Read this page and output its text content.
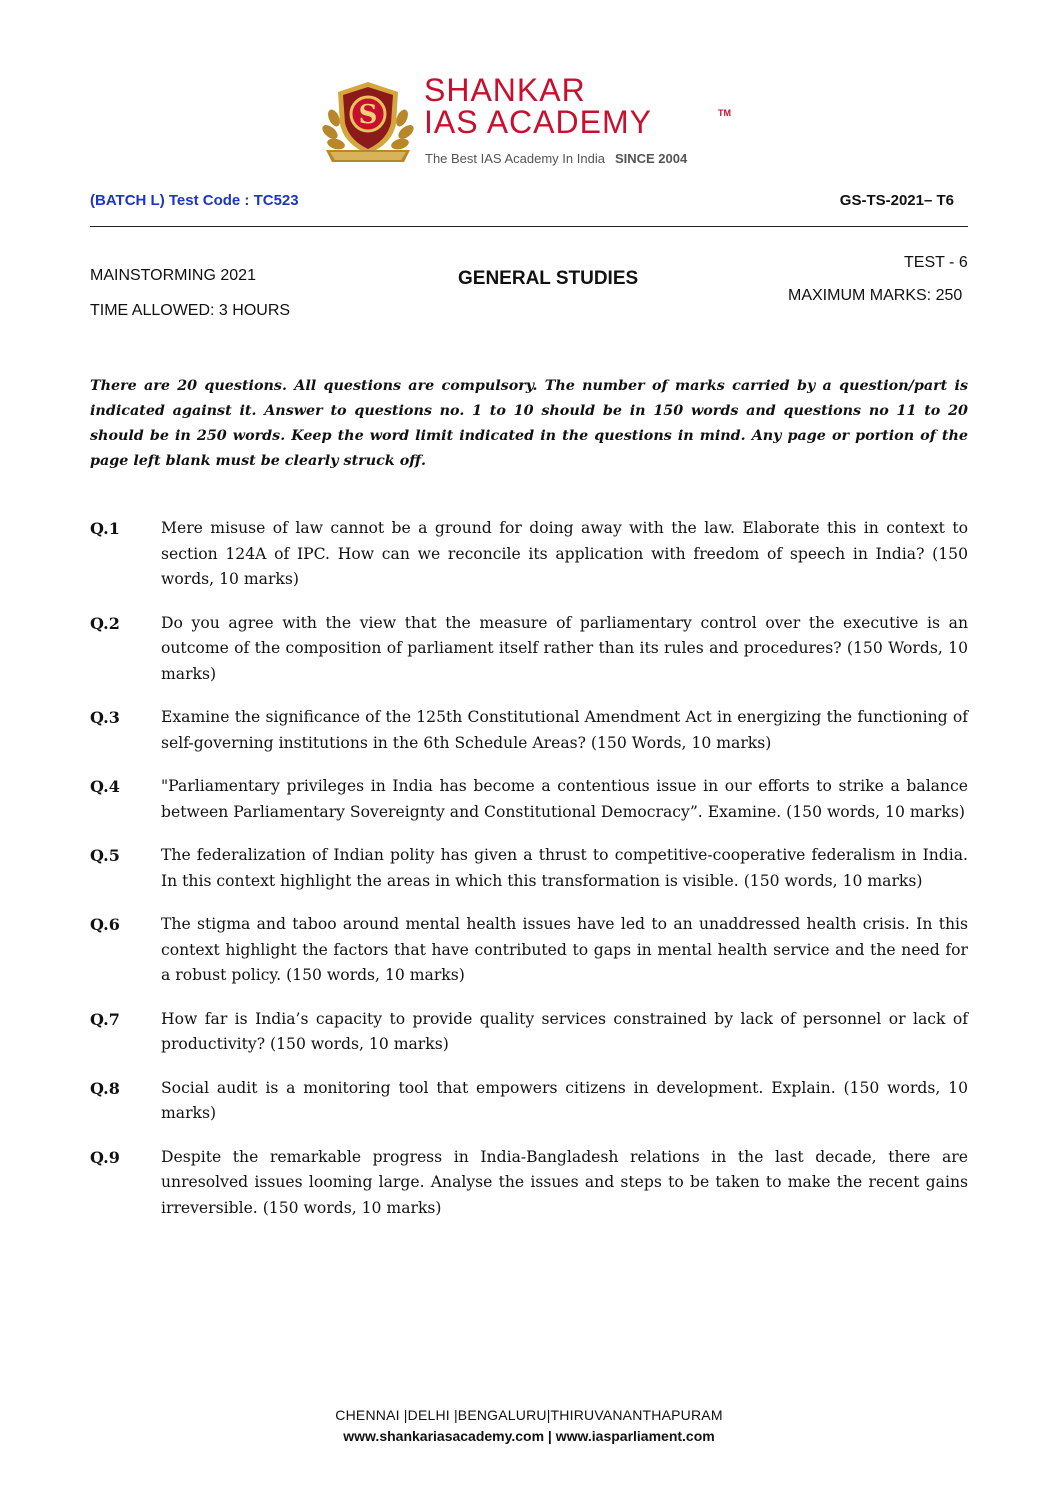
S
SHANKAR
IAS ACADEMY	TM
The Best IAS Academy In India SINCE 2004
(BATCH L) Test Code : TC523	GS-TS-2021– T6
MAINSTORMING 2021
TIME ALLOWED: 3 HOURS
GENERAL STUDIES
TEST - 6
MAXIMUM MARKS: 250

There are 20 questions. All questions are compulsory. The number of marks carried by a question/part is indicated against it. Answer to questions no. 1 to 10 should be in 150 words and questions no 11 to 20 should be in 250 words. Keep the word limit indicated in the questions in mind. Any page or portion of the page left blank must be clearly struck off.

Q.1	Mere misuse of law cannot be a ground for doing away with the law. Elaborate this in context to section 124A of IPC. How can we reconcile its application with freedom of speech in India? (150 words, 10 marks)
Q.2	Do you agree with the view that the measure of parliamentary control over the executive is an outcome of the composition of parliament itself rather than its rules and procedures? (150 Words, 10 marks)
Q.3	Examine the significance of the 125th Constitutional Amendment Act in energizing the functioning of self-governing institutions in the 6th Schedule Areas? (150 Words, 10 marks)
Q.4	"Parliamentary privileges in India has become a contentious issue in our efforts to strike a balance between Parliamentary Sovereignty and Constitutional Democracy”. Examine. (150 words, 10 marks)
Q.5	The federalization of Indian polity has given a thrust to competitive-cooperative federalism in India. In this context highlight the areas in which this transformation is visible. (150 words, 10 marks)
Q.6	The stigma and taboo around mental health issues have led to an unaddressed health crisis. In this context highlight the factors that have contributed to gaps in mental health service and the need for a robust policy. (150 words, 10 marks)
Q.7	How far is India’s capacity to provide quality services constrained by lack of personnel or lack of productivity? (150 words, 10 marks)
Q.8	Social audit is a monitoring tool that empowers citizens in development. Explain. (150 words, 10 marks)
Q.9	Despite the remarkable progress in India-Bangladesh relations in the last decade, there are unresolved issues looming large. Analyse the issues and steps to be taken to make the recent gains irreversible. (150 words, 10 marks)
CHENNAI |DELHI |BENGALURU|THIRUVANANTHAPURAM
www.shankariasacademy.com | www.iasparliament.com
